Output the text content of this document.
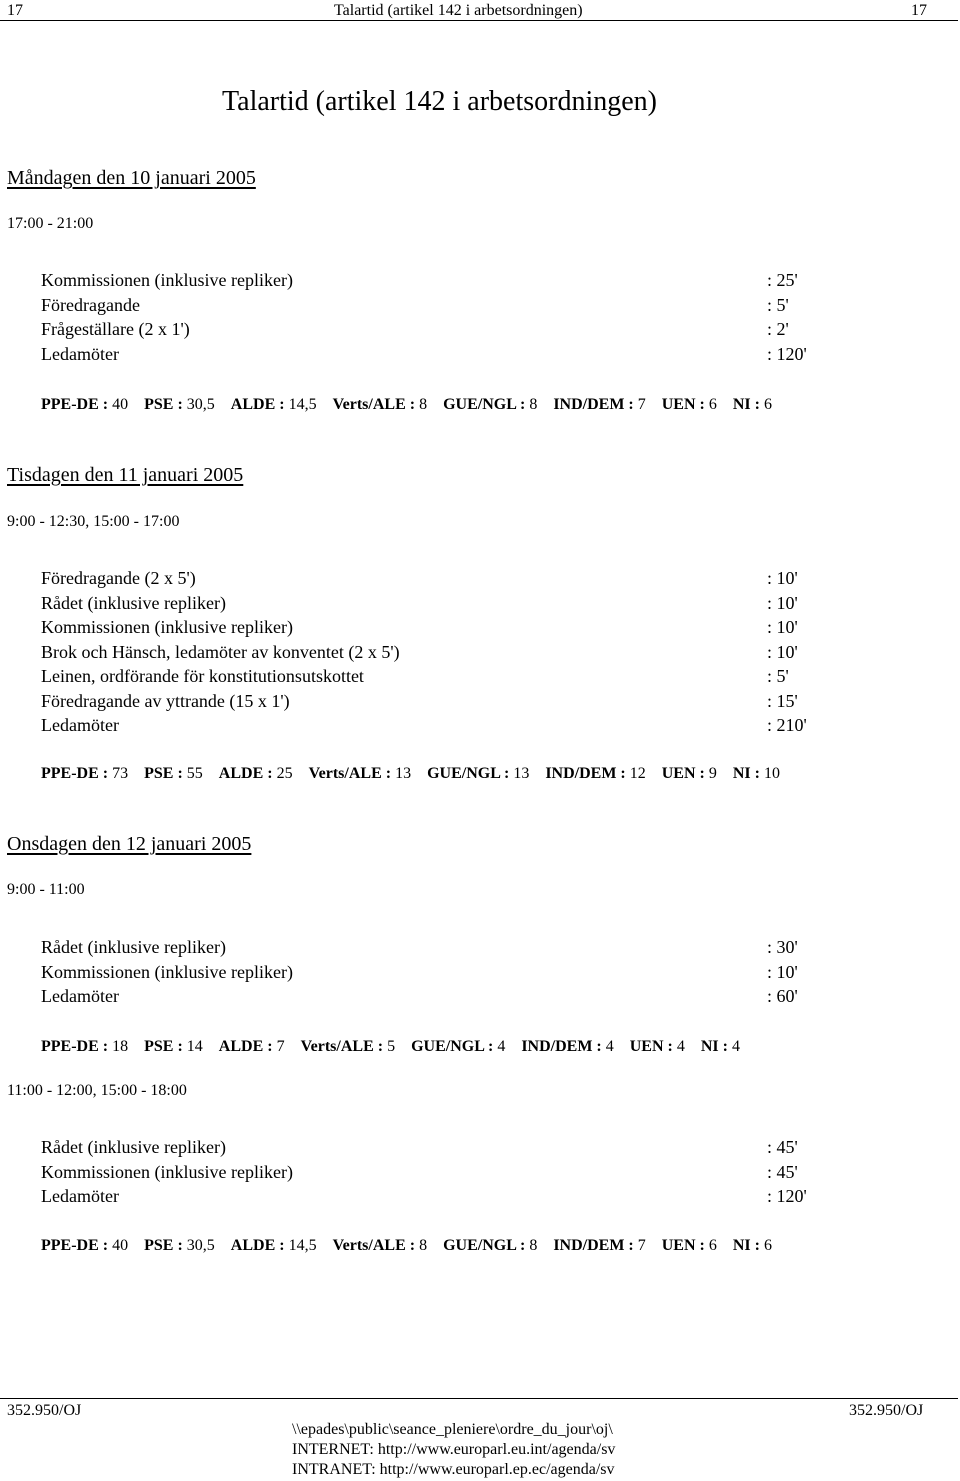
17	Talartid (artikel 142 i arbetsordningen)	17
Talartid (artikel 142 i arbetsordningen)
Måndagen den 10 januari 2005
17:00 - 21:00
Kommissionen (inklusive repliker)	: 25'
Föredragande	: 5'
Frågeställare (2 x 1')	: 2'
Ledamöter	: 120'
PPE-DE : 40 PSE : 30,5 ALDE : 14,5 Verts/ALE : 8 GUE/NGL : 8 IND/DEM : 7 UEN : 6 NI : 6
Tisdagen den 11 januari 2005
9:00 - 12:30, 15:00 - 17:00
Föredragande (2 x 5')	: 10'
Rådet (inklusive repliker)	: 10'
Kommissionen (inklusive repliker)	: 10'
Brok och Hänsch, ledamöter av konventet (2 x 5')	: 10'
Leinen, ordförande för konstitutionsutskottet	: 5'
Föredragande av yttrande (15 x 1')	: 15'
Ledamöter	: 210'
PPE-DE : 73 PSE : 55 ALDE : 25 Verts/ALE : 13 GUE/NGL : 13 IND/DEM : 12 UEN : 9 NI : 10
Onsdagen den 12 januari 2005
9:00 - 11:00
Rådet (inklusive repliker)	: 30'
Kommissionen (inklusive repliker)	: 10'
Ledamöter	: 60'
PPE-DE : 18 PSE : 14 ALDE : 7 Verts/ALE : 5 GUE/NGL : 4 IND/DEM : 4 UEN : 4 NI : 4
11:00 - 12:00, 15:00 - 18:00
Rådet (inklusive repliker)	: 45'
Kommissionen (inklusive repliker)	: 45'
Ledamöter	: 120'
PPE-DE : 40 PSE : 30,5 ALDE : 14,5 Verts/ALE : 8 GUE/NGL : 8 IND/DEM : 7 UEN : 6 NI : 6
352.950/OJ	352.950/OJ
\\epades\public\seance_pleniere\ordre_du_jour\oj\
INTERNET: http://www.europarl.eu.int/agenda/sv
INTRANET: http://www.europarl.ep.ec/agenda/sv
